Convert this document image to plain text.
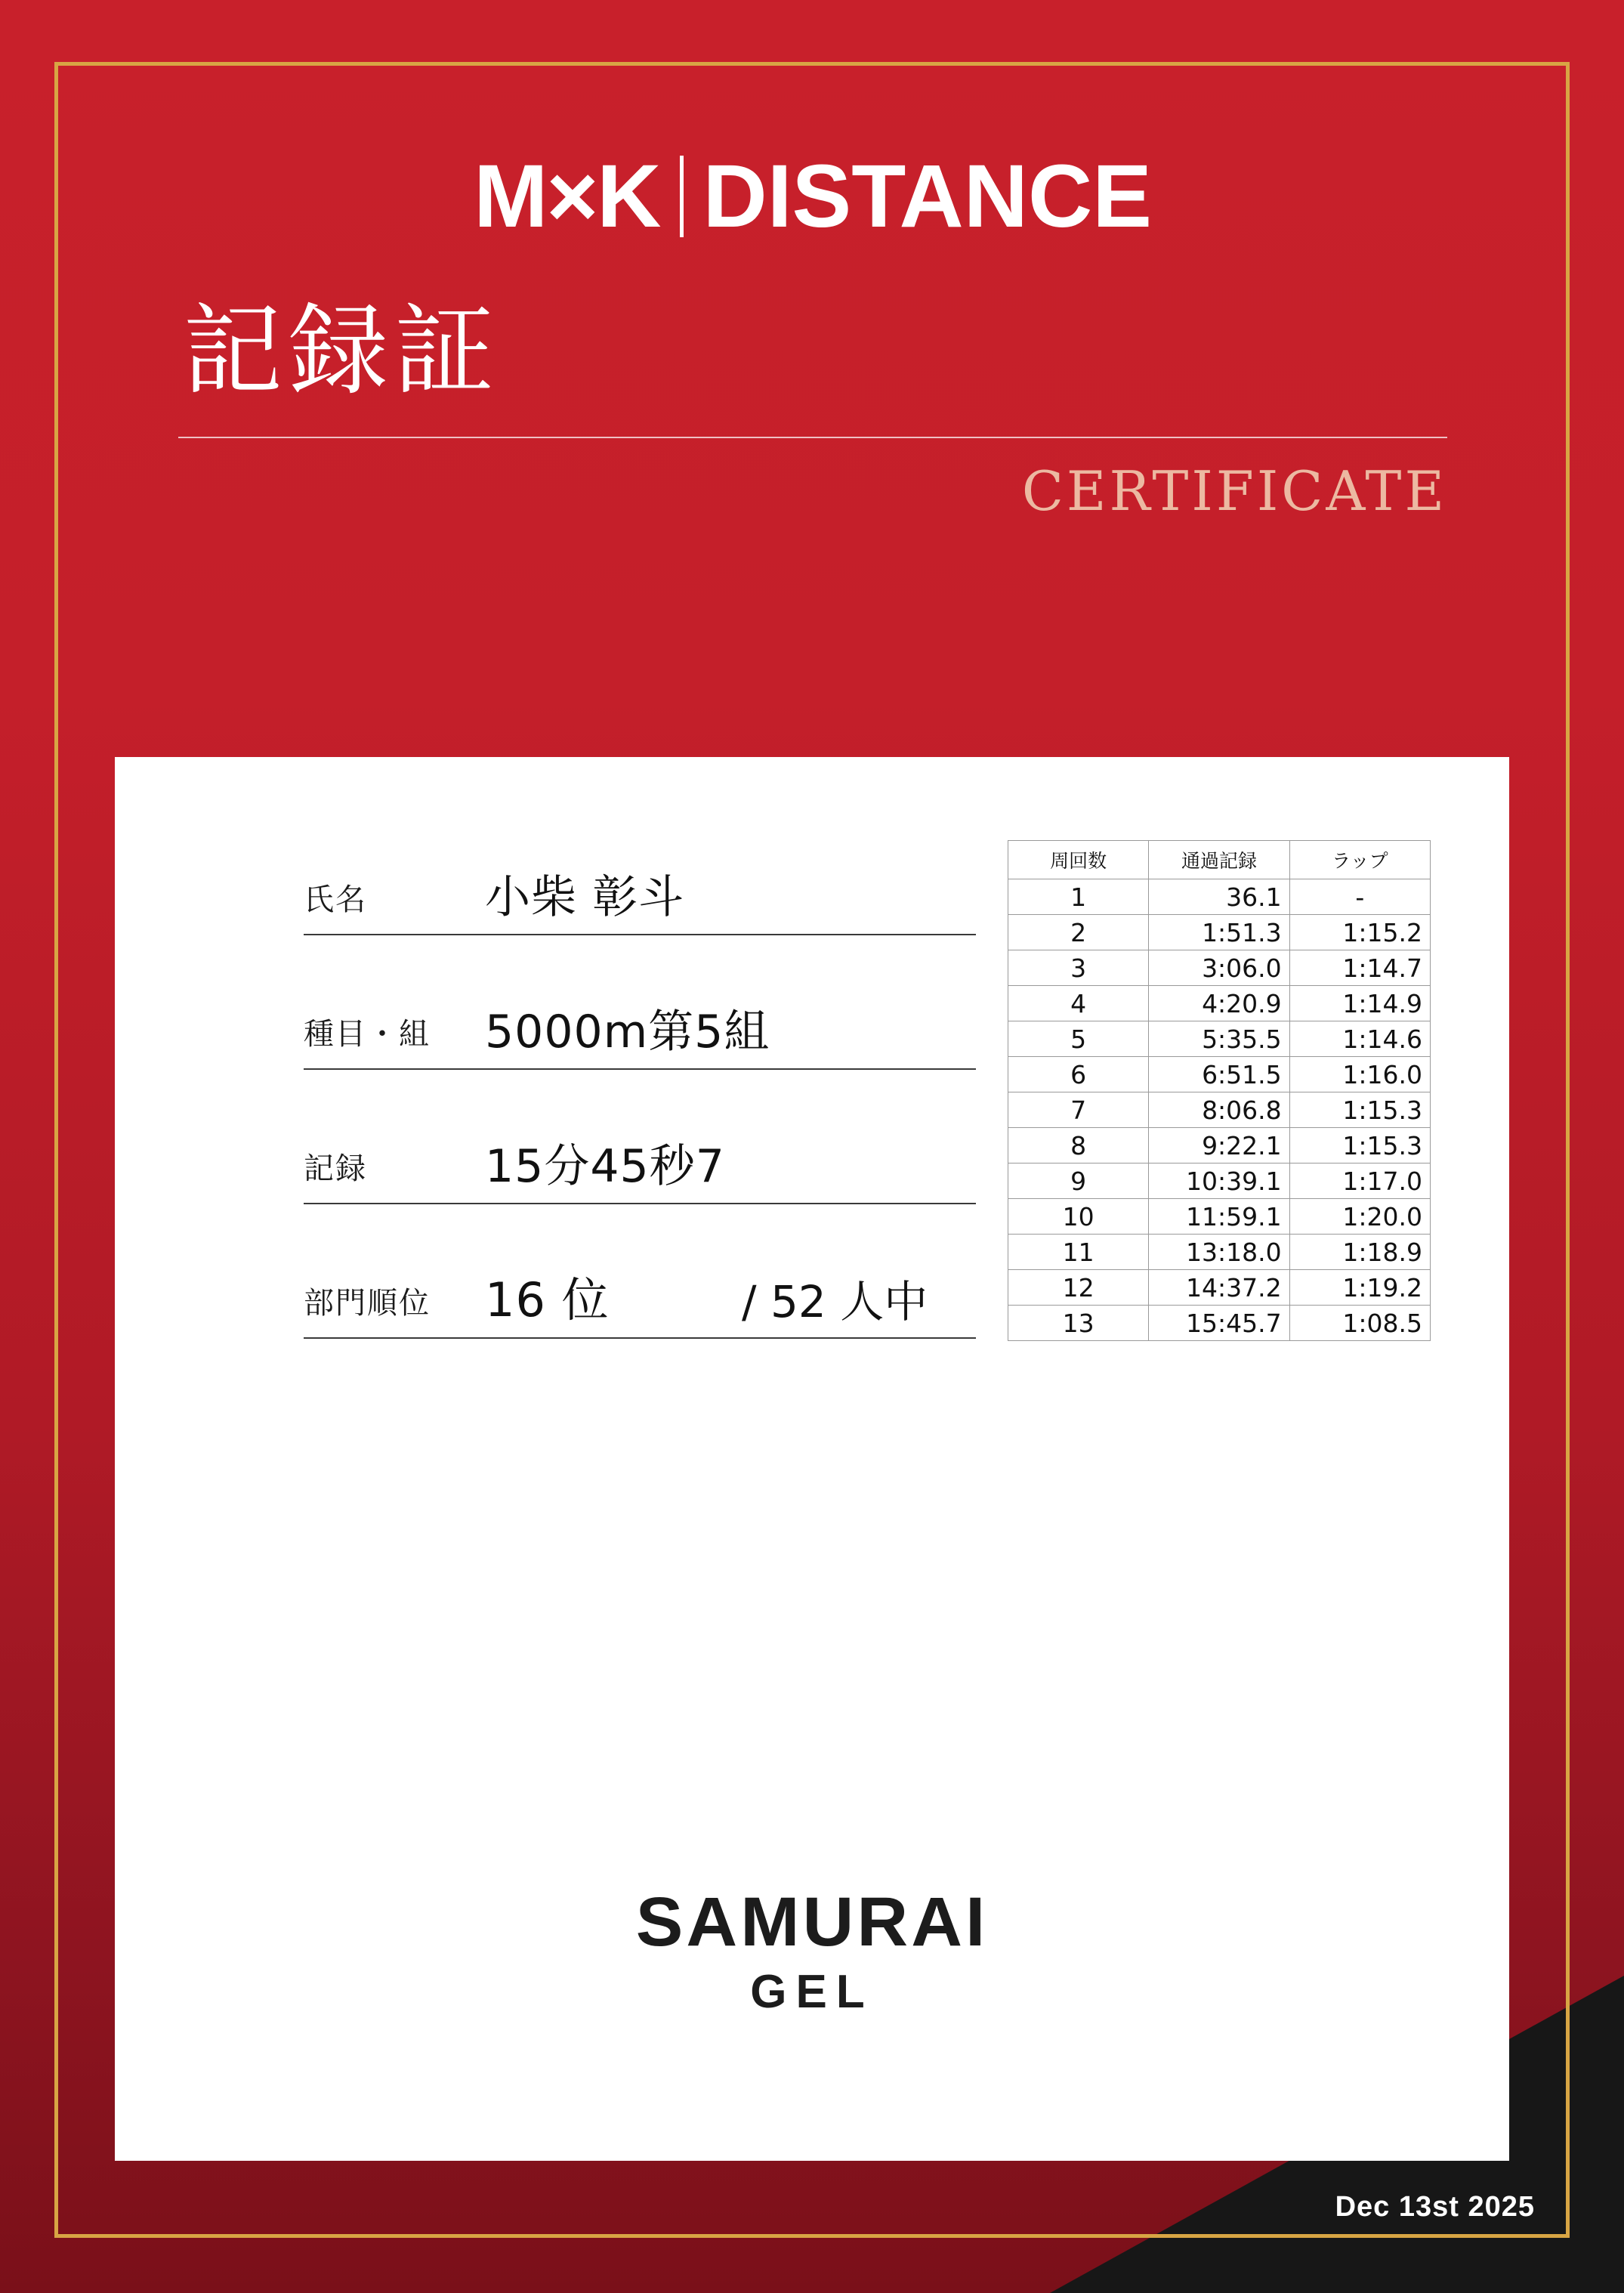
M×K DISTANCE
記録証
CERTIFICATE
氏名	小柴 彰斗
種目・組 5000m第5組
記録	15分45秒7
部門順位 16 位	/ 52 人中
周回数	通過記録	ラップ
1	36.1	-
2	1:51.3	1:15.2
3	3:06.0	1:14.7
4	4:20.9	1:14.9
5	5:35.5	1:14.6
6	6:51.5	1:16.0
7	8:06.8	1:15.3
8	9:22.1	1:15.3
9	10:39.1	1:17.0
10	11:59.1	1:20.0
11	13:18.0	1:18.9
12	14:37.2	1:19.2
13	15:45.7	1:08.5
SAMURAI
GEL
Dec 13st 2025
